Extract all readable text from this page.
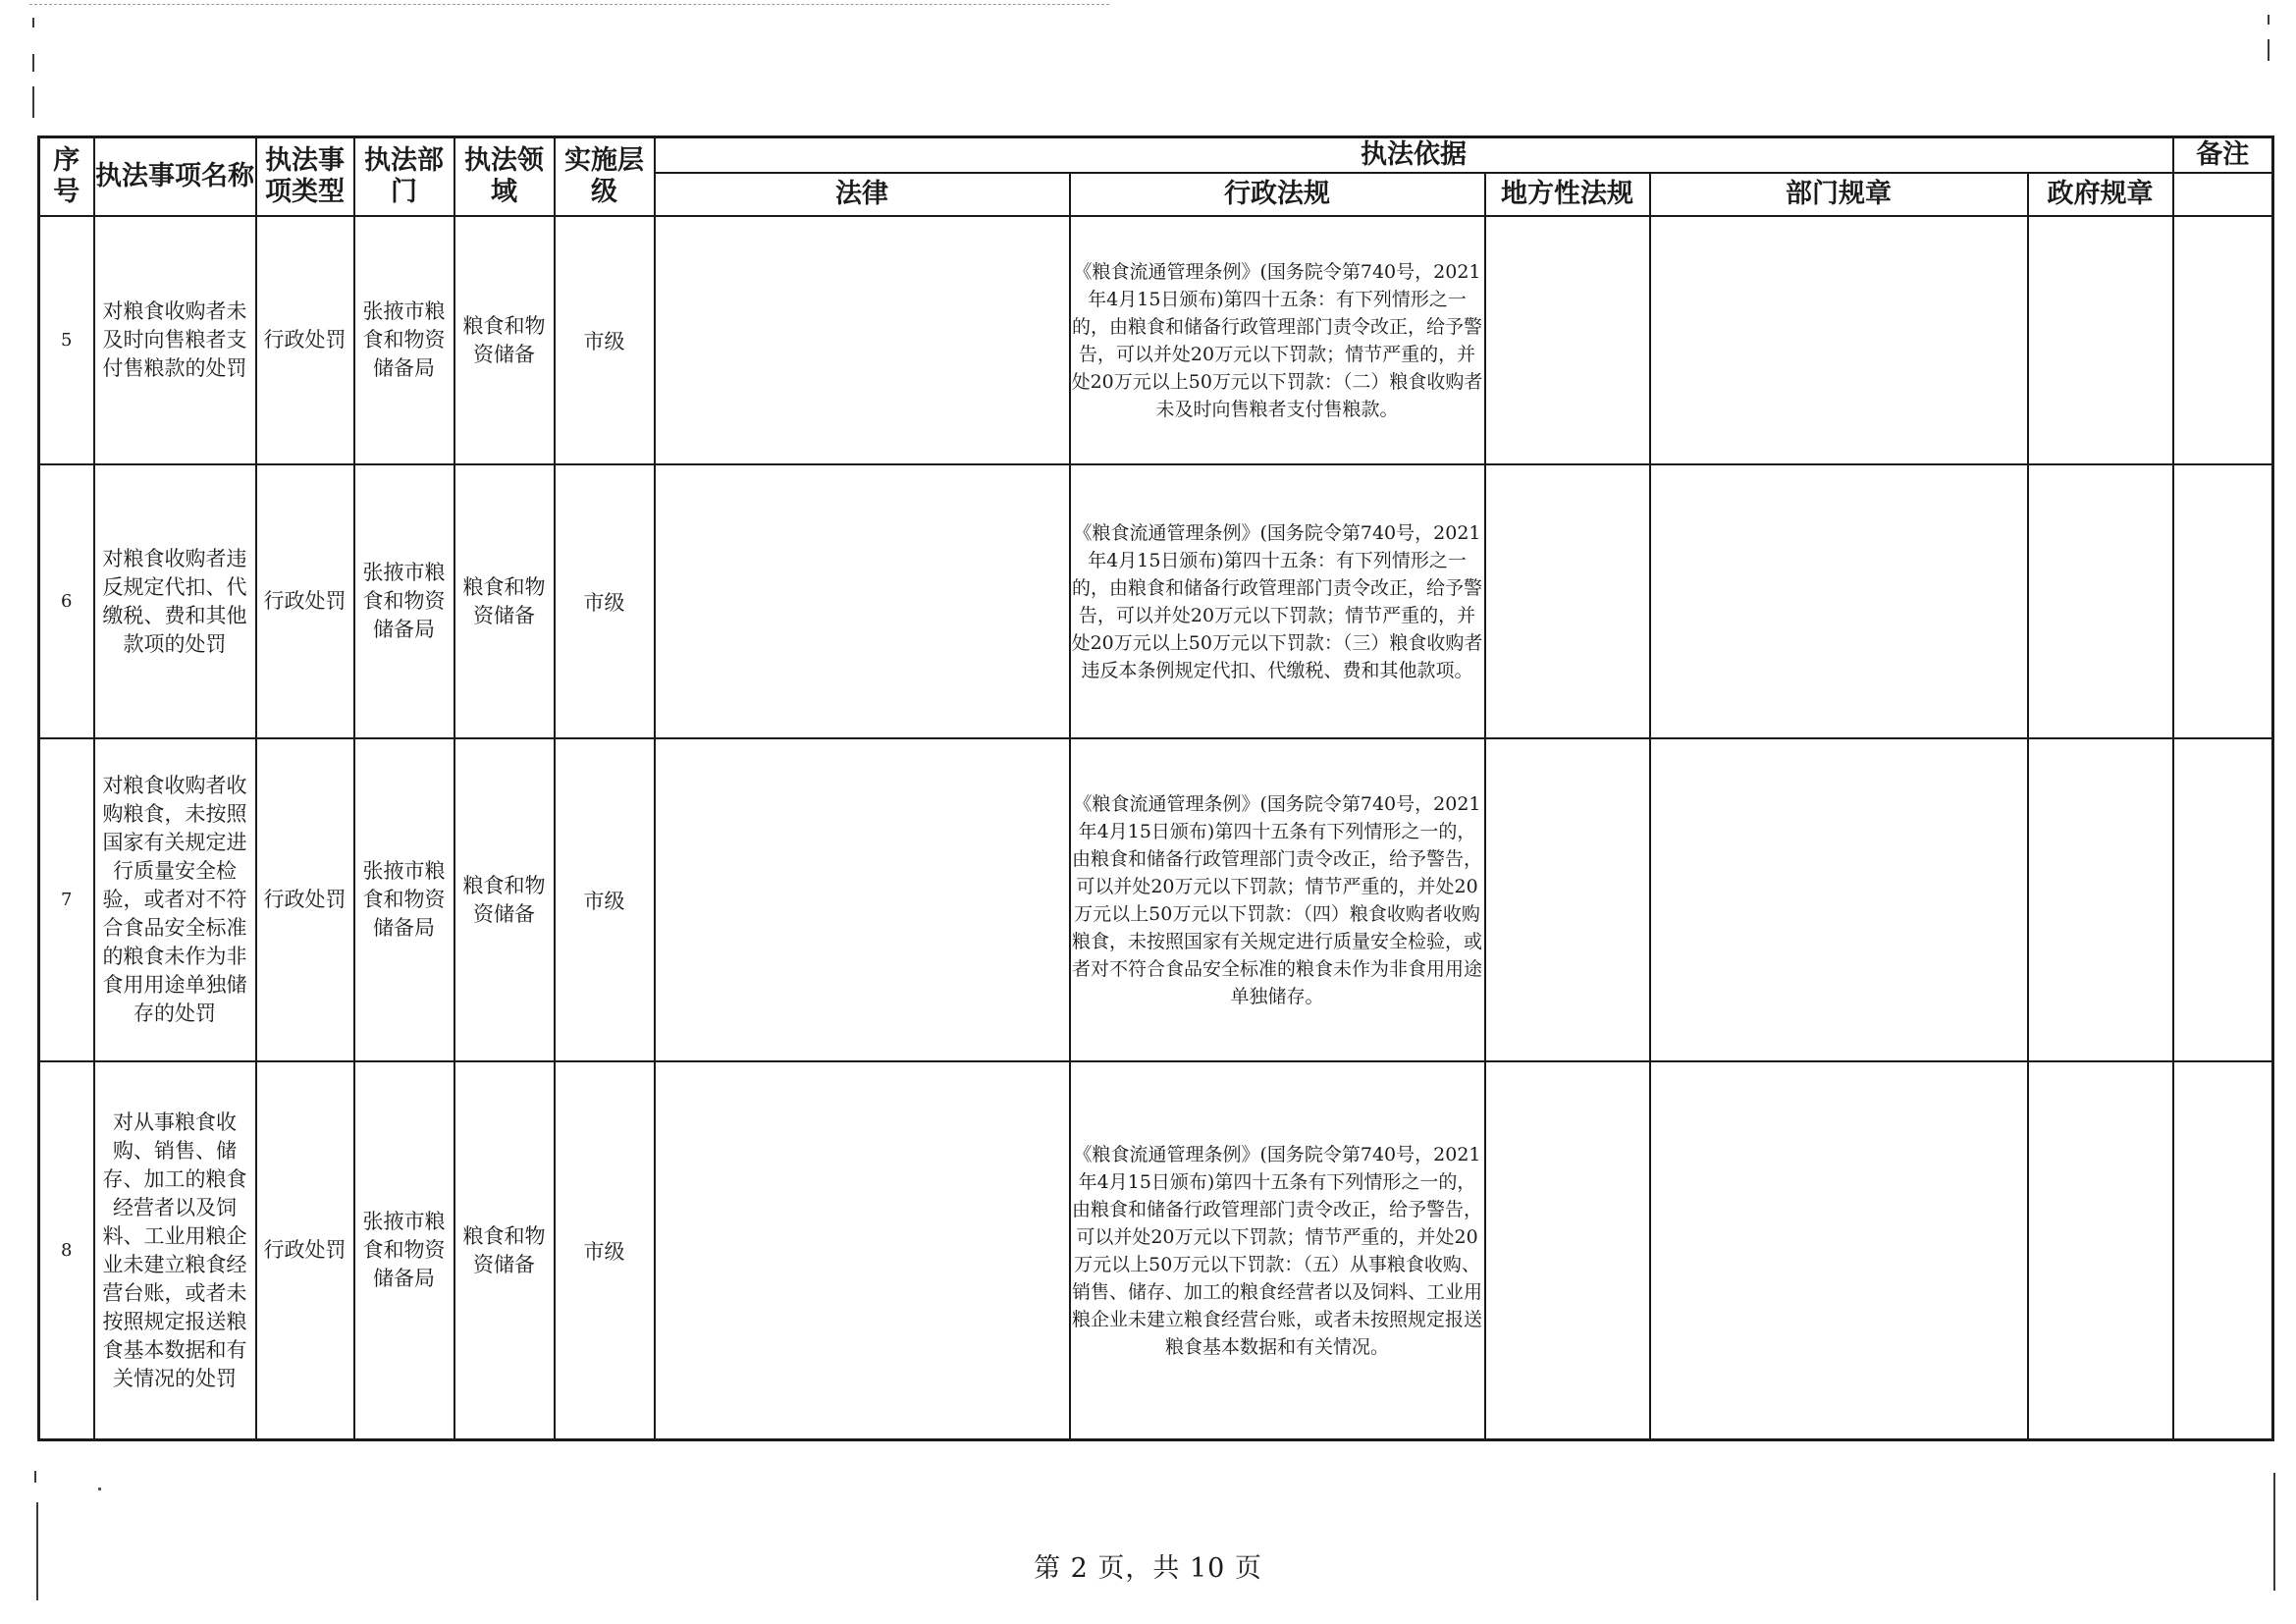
序号	执法事项名称	执法事项类型	执法部门	执法领域	实施层级	执法依据					备注
						法律	行政法规	地方性法规	部门规章	政府规章	
5	对粮食收购者未及时向售粮者支付售粮款的处罚	行政处罚	张掖市粮食和物资储备局	粮食和物资储备	市级		《粮食流通管理条例》(国务院令第740号，2021年4月15日颁布)第四十五条：有下列情形之一的，由粮食和储备行政管理部门责令改正，给予警告，可以并处20万元以下罚款；情节严重的，并处20万元以上50万元以下罚款：（二）粮食收购者未及时向售粮者支付售粮款。				
6	对粮食收购者违反规定代扣、代缴税、费和其他款项的处罚	行政处罚	张掖市粮食和物资储备局	粮食和物资储备	市级		《粮食流通管理条例》(国务院令第740号，2021年4月15日颁布)第四十五条：有下列情形之一的，由粮食和储备行政管理部门责令改正，给予警告，可以并处20万元以下罚款；情节严重的，并处20万元以上50万元以下罚款：（三）粮食收购者违反本条例规定代扣、代缴税、费和其他款项。				
7	对粮食收购者收购粮食，未按照国家有关规定进行质量安全检验，或者对不符合食品安全标准的粮食未作为非食用用途单独储存的处罚	行政处罚	张掖市粮食和物资储备局	粮食和物资储备	市级		《粮食流通管理条例》(国务院令第740号，2021年4月15日颁布)第四十五条有下列情形之一的，由粮食和储备行政管理部门责令改正，给予警告，可以并处20万元以下罚款；情节严重的，并处20万元以上50万元以下罚款：（四）粮食收购者收购粮食，未按照国家有关规定进行质量安全检验，或者对不符合食品安全标准的粮食未作为非食用用途单独储存。				
8	对从事粮食收购、销售、储存、加工的粮食经营者以及饲料、工业用粮企业未建立粮食经营台账，或者未按照规定报送粮食基本数据和有关情况的处罚	行政处罚	张掖市粮食和物资储备局	粮食和物资储备	市级		《粮食流通管理条例》(国务院令第740号，2021年4月15日颁布)第四十五条有下列情形之一的，由粮食和储备行政管理部门责令改正，给予警告，可以并处20万元以下罚款；情节严重的，并处20万元以上50万元以下罚款：（五）从事粮食收购、销售、储存、加工的粮食经营者以及饲料、工业用粮企业未建立粮食经营台账，或者未按照规定报送粮食基本数据和有关情况。				
第 2 页，共 10 页
